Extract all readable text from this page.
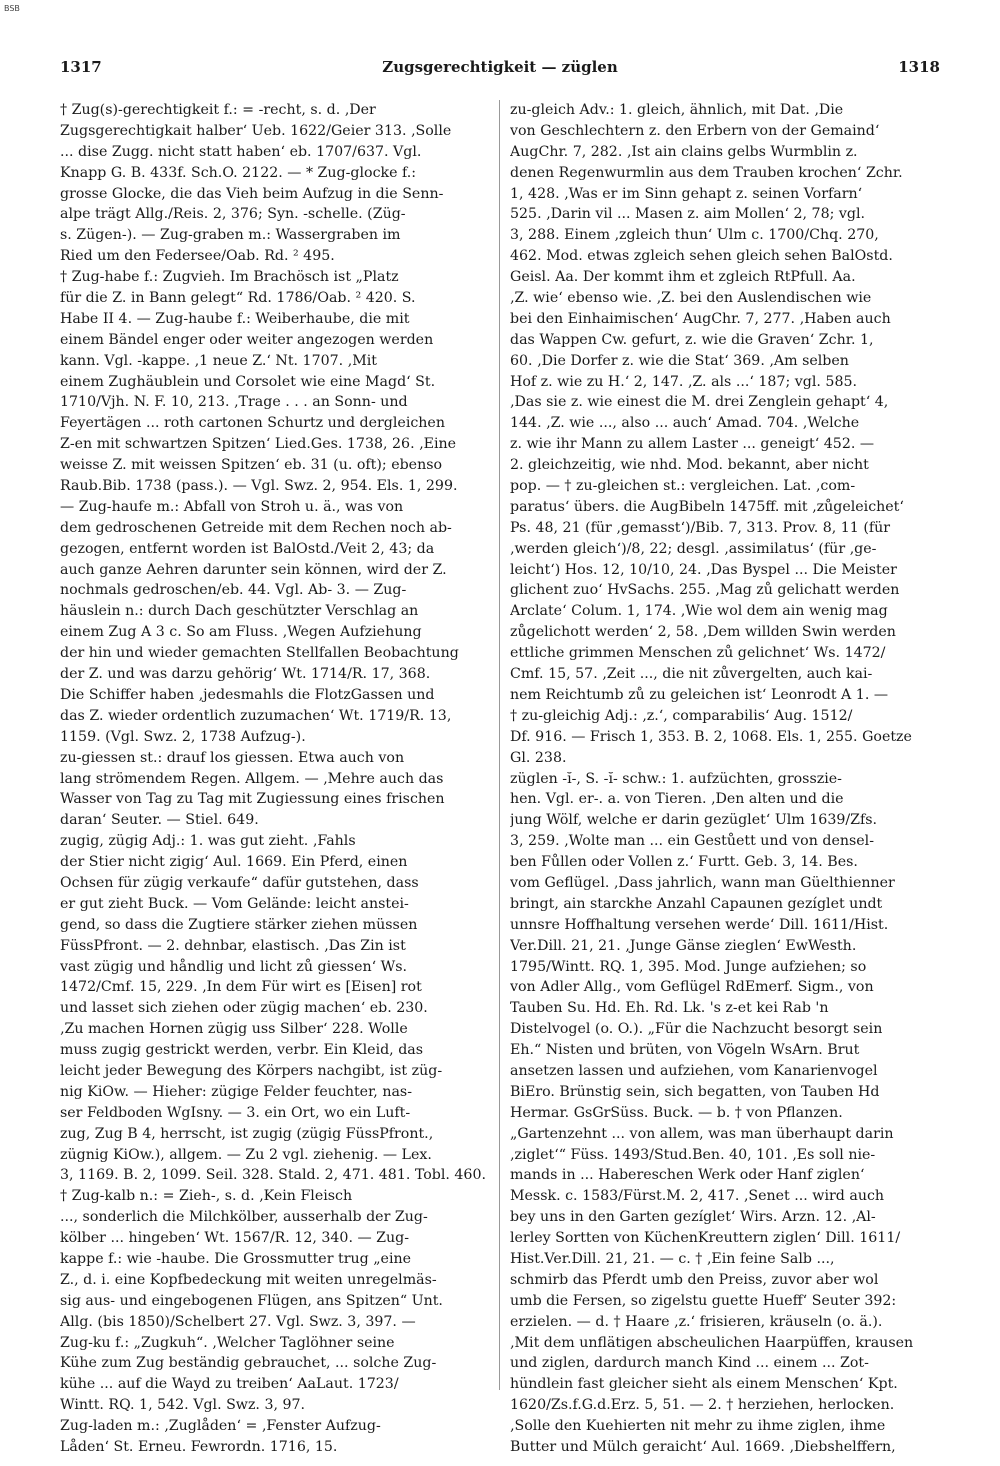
BSB
1317	Zugsgerechtigkeit — züglen	1318
† Zug(s)-gerechtigkeit f.: = -recht, s. d. ‚Der
Zugsgerechtigkait halber‘ Ueb. 1622/Geier 313. ‚Solle
... dise Zugg. nicht statt haben‘ eb. 1707/637. Vgl.
Knapp G. B. 433f. Sch.O. 2122. — * Zug-glocke f.:
grosse Glocke, die das Vieh beim Aufzug in die Senn-
alpe trägt Allg./Reis. 2, 376; Syn. -schelle. (Züg-
s. Zügen-). — Zug-graben m.: Wassergraben im
Ried um den Federsee/Oab. Rd. ² 495.
† Zug-habe f.: Zugvieh. Im Brachösch ist „Platz
für die Z. in Bann gelegt“ Rd. 1786/Oab. ² 420. S.
Habe II 4. — Zug-haube f.: Weiberhaube, die mit
einem Bändel enger oder weiter angezogen werden
kann. Vgl. -kappe. ‚1 neue Z.‘ Nt. 1707. ‚Mit
einem Zughäublein und Corsolet wie eine Magd‘ St.
1710/Vjh. N. F. 10, 213. ‚Trage . . . an Sonn- und
Feyertägen ... roth cartonen Schurtz und dergleichen
Z-en mit schwartzen Spitzen‘ Lied.Ges. 1738, 26. ‚Eine
weisse Z. mit weissen Spitzen‘ eb. 31 (u. oft); ebenso
Raub.Bib. 1738 (pass.). — Vgl. Swz. 2, 954. Els. 1, 299.
— Zug-haufe m.: Abfall von Stroh u. ä., was von
dem gedroschenen Getreide mit dem Rechen noch ab-
gezogen, entfernt worden ist BalOstd./Veit 2, 43; da
auch ganze Aehren darunter sein können, wird der Z.
nochmals gedroschen/eb. 44. Vgl. Ab- 3. — Zug-
häuslein n.: durch Dach geschützter Verschlag an
einem Zug A 3 c. So am Fluss. ‚Wegen Aufziehung
der hin und wieder gemachten Stellfallen Beobachtung
der Z. und was darzu gehörig‘ Wt. 1714/R. 17, 368.
Die Schiffer haben ‚jedesmahls die FlotzGassen und
das Z. wieder ordentlich zuzumachen‘ Wt. 1719/R. 13,
1159. (Vgl. Swz. 2, 1738 Aufzug-).
zu-giessen st.: drauf los giessen. Etwa auch von
lang strömendem Regen. Allgem. — ‚Mehre auch das
Wasser von Tag zu Tag mit Zugiessung eines frischen
daran‘ Seuter. — Stiel. 649.
zugig, zügig Adj.: 1. was gut zieht. ‚Fahls
der Stier nicht zigig‘ Aul. 1669. Ein Pferd, einen
Ochsen für zügig verkaufe“ dafür gutstehen, dass
er gut zieht Buck. — Vom Gelände: leicht anstei-
gend, so dass die Zugtiere stärker ziehen müssen
FüssPfront. — 2. dehnbar, elastisch. ‚Das Zin ist
vast zügig und håndlig und licht zů giessen‘ Ws.
1472/Cmf. 15, 229. ‚In dem Für wirt es [Eisen] rot
und lasset sich ziehen oder zügig machen‘ eb. 230.
‚Zu machen Hornen zügig uss Silber‘ 228. Wolle
muss zugig gestrickt werden, verbr. Ein Kleid, das
leicht jeder Bewegung des Körpers nachgibt, ist züg-
nig KiOw. — Hieher: zügige Felder feuchter, nas-
ser Feldboden WgIsny. — 3. ein Ort, wo ein Luft-
zug, Zug B 4, herrscht, ist zugig (zügig FüssPfront.,
zügnig KiOw.), allgem. — Zu 2 vgl. ziehenig. — Lex.
3, 1169. B. 2, 1099. Seil. 328. Stald. 2, 471. 481. Tobl. 460.
† Zug-kalb n.: = Zieh-, s. d. ‚Kein Fleisch
..., sonderlich die Milchkölber, ausserhalb der Zug-
kölber ... hingeben‘ Wt. 1567/R. 12, 340. — Zug-
kappe f.: wie -haube. Die Grossmutter trug „eine
Z., d. i. eine Kopfbedeckung mit weiten unregelmäs-
sig aus- und eingebogenen Flügen, ans Spitzen“ Unt.
Allg. (bis 1850)/Schelbert 27. Vgl. Swz. 3, 397. —
Zug-ku f.: „Zugkuh“. ‚Welcher Taglöhner seine
Kühe zum Zug beständig gebrauchet, ... solche Zug-
kühe ... auf die Wayd zu treiben‘ AaLaut. 1723/
Wintt. RQ. 1, 542. Vgl. Swz. 3, 97.
Zug-laden m.: ‚Zuglåden‘ = ‚Fenster Aufzug-
Låden‘ St. Erneu. Fewrordn. 1716, 15.
zu-gleich Adv.: 1. gleich, ähnlich, mit Dat. ‚Die
von Geschlechtern z. den Erbern von der Gemaind‘
AugChr. 7, 282. ‚Ist ain clains gelbs Wurmblin z.
denen Regenwurmlin aus dem Trauben krochen‘ Zchr.
1, 428. ‚Was er im Sinn gehapt z. seinen Vorfarn‘
525. ‚Darin vil ... Masen z. aim Mollen‘ 2, 78; vgl.
3, 288. Einem ‚zgleich thun‘ Ulm c. 1700/Chq. 270,
462. Mod. etwas zgleich sehen gleich sehen BalOstd.
Geisl. Aa. Der kommt ihm et zgleich RtPfull. Aa.
‚Z. wie‘ ebenso wie. ‚Z. bei den Auslendischen wie
bei den Einhaimischen‘ AugChr. 7, 277. ‚Haben auch
das Wappen Cw. gefurt, z. wie die Graven‘ Zchr. 1,
60. ‚Die Dorfer z. wie die Stat‘ 369. ‚Am selben
Hof z. wie zu H.‘ 2, 147. ‚Z. als ...‘ 187; vgl. 585.
‚Das sie z. wie einest die M. drei Zenglein gehapt‘ 4,
144. ‚Z. wie ..., also ... auch‘ Amad. 704. ‚Welche
z. wie ihr Mann zu allem Laster ... geneigt‘ 452. —
2. gleichzeitig, wie nhd. Mod. bekannt, aber nicht
pop. — † zu-gleichen st.: vergleichen. Lat. ‚com-
paratus‘ übers. die AugBibeln 1475ff. mit ‚zůgeleichet‘
Ps. 48, 21 (für ‚gemasst‘)/Bib. 7, 313. Prov. 8, 11 (für
‚werden gleich‘)/8, 22; desgl. ‚assimilatus‘ (für ‚ge-
leicht‘) Hos. 12, 10/10, 24. ‚Das Byspel ... Die Meister
glichent zuo‘ HvSachs. 255. ‚Mag zů gelichatt werden
Arclate‘ Colum. 1, 174. ‚Wie wol dem ain wenig mag
zůgelichott werden‘ 2, 58. ‚Dem willden Swin werden
ettliche grimmen Menschen zů gelichnet‘ Ws. 1472/
Cmf. 15, 57. ‚Zeit ..., die nit zůvergelten, auch kai-
nem Reichtumb zů zu geleichen ist‘ Leonrodt A 1. —
† zu-gleichig Adj.: ‚z.‘, comparabilis‘ Aug. 1512/
Df. 916. — Frisch 1, 353. B. 2, 1068. Els. 1, 255. Goetze
Gl. 238.
züglen -ĭ-, S. -ĭ- schw.: 1. aufzüchten, grosszie-
hen. Vgl. er-. a. von Tieren. ‚Den alten und die
jung Wölf, welche er darin gezüglet‘ Ulm 1639/Zfs.
3, 259. ‚Wolte man ... ein Gestůett und von densel-
ben Fůllen oder Vollen z.‘ Furtt. Geb. 3, 14. Bes.
vom Geflügel. ‚Dass jahrlich, wann man Güelthienner
bringt, ain starckhe Anzahl Capaunen gezíglet undt
unnsre Hoffhaltung versehen werde‘ Dill. 1611/Hist.
Ver.Dill. 21, 21. ‚Junge Gänse zieglen‘ EwWesth.
1795/Wintt. RQ. 1, 395. Mod. Junge aufziehen; so
von Adler Allg., vom Geflügel RdEmerf. Sigm., von
Tauben Su. Hd. Eh. Rd. Lk. 's z-et kei Rab 'n
Distelvogel (o. O.). „Für die Nachzucht besorgt sein
Eh.“ Nisten und brüten, von Vögeln WsArn. Brut
ansetzen lassen und aufziehen, vom Kanarienvogel
BiEro. Brünstig sein, sich begatten, von Tauben Hd
Hermar. GsGrSüss. Buck. — b. † von Pflanzen.
„Gartenzehnt ... von allem, was man überhaupt darin
‚ziglet‘“ Füss. 1493/Stud.Ben. 40, 101. ‚Es soll nie-
mands in ... Habereschen Werk oder Hanf ziglen‘
Messk. c. 1583/Fürst.M. 2, 417. ‚Senet ... wird auch
bey uns in den Garten gezíglet‘ Wirs. Arzn. 12. ‚Al-
lerley Sortten von KüchenKreuttern ziglen‘ Dill. 1611/
Hist.Ver.Dill. 21, 21. — c. † ‚Ein feine Salb ...,
schmirb das Pferdt umb den Preiss, zuvor aber wol
umb die Fersen, so zigelstu guette Hueff‘ Seuter 392:
erzielen. — d. † Haare ‚z.‘ frisieren, kräuseln (o. ä.).
‚Mit dem unflätigen abscheulichen Haarpüffen, krausen
und ziglen, dardurch manch Kind ... einem ... Zot-
hündlein fast gleicher sieht als einem Menschen‘ Kpt.
1620/Zs.f.G.d.Erz. 5, 51. — 2. † herziehen, herlocken.
‚Solle den Kuehierten nit mehr zu ihme ziglen, ihme
Butter und Mülch geraicht‘ Aul. 1669. ‚Diebshelffern,
